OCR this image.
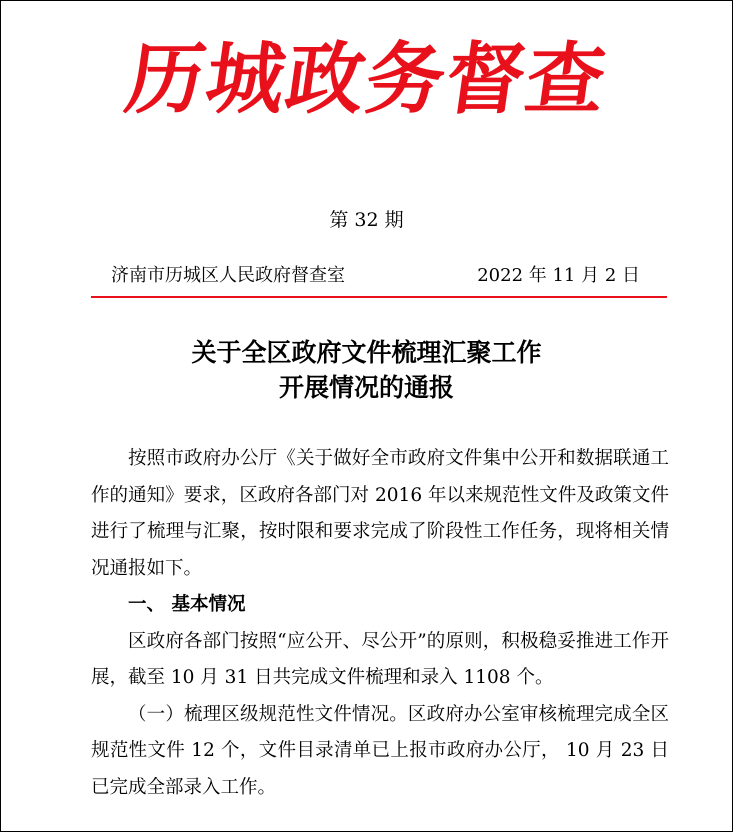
历城政务督查
第 32 期
济南市历城区人民政府督查室	2022 年 11 月 2 日
关于全区政府文件梳理汇聚工作
开展情况的通报

按照市政府办公厅《关于做好全市政府文件集中公开和数据联通工作的通知》要求，区政府各部门对 2016 年以来规范性文件及政策文件进行了梳理与汇聚，按时限和要求完成了阶段性工作任务，现将相关情况通报如下。

一、 基本情况

区政府各部门按照“应公开、尽公开”的原则，积极稳妥推进工作开展，截至 10 月 31 日共完成文件梳理和录入 1108 个。

（一）梳理区级规范性文件情况。区政府办公室审核梳理完成全区规范性文件 12 个，文件目录清单已上报市政府办公厅， 10 月 23 日已完成全部录入工作。
